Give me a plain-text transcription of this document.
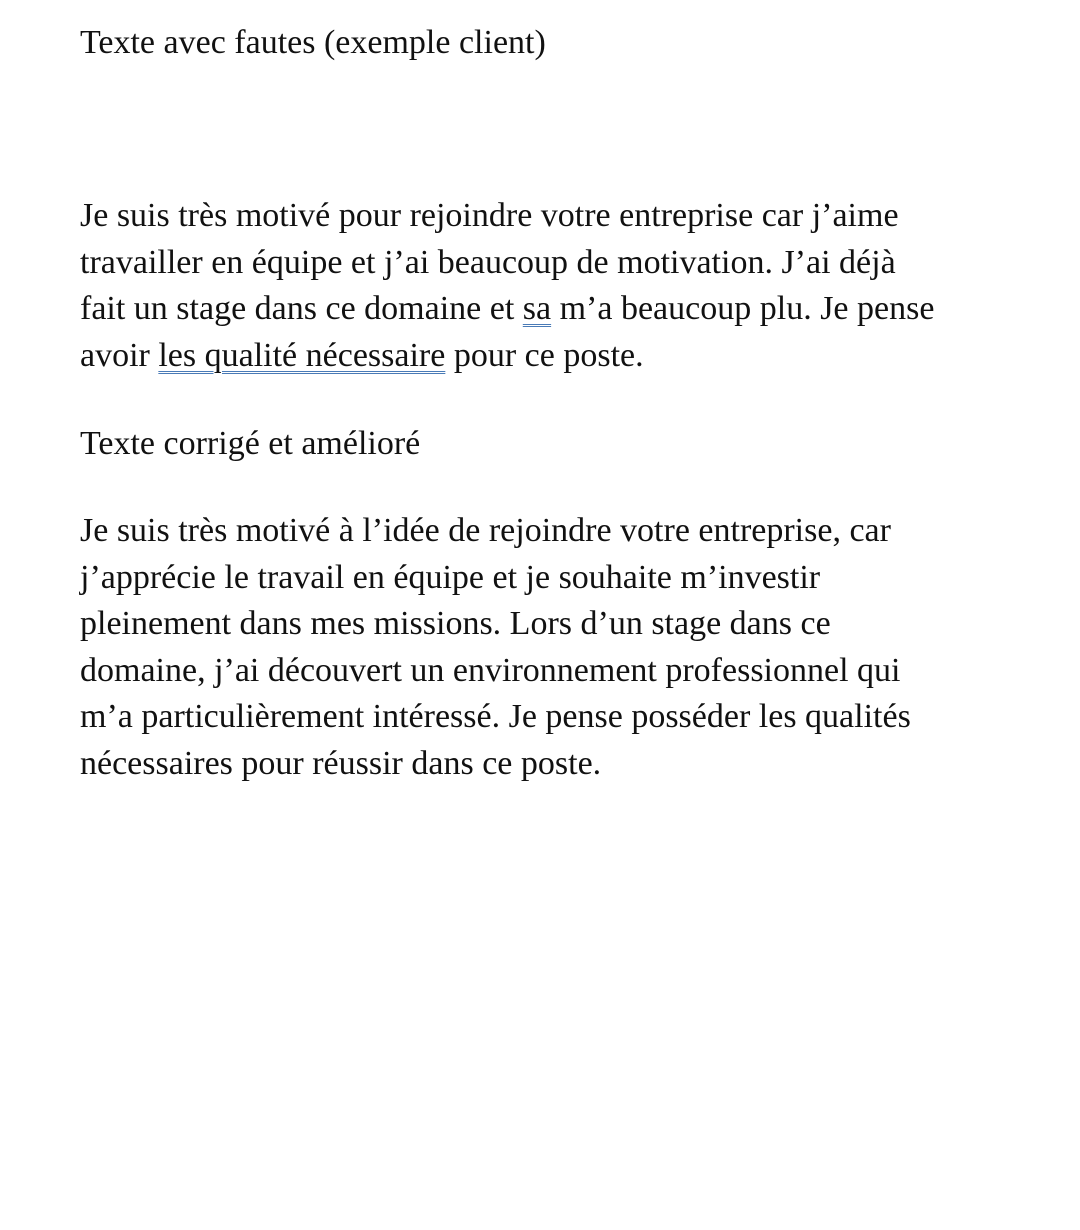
Texte avec fautes (exemple client)

Je suis très motivé pour rejoindre votre entreprise car j’aime
travailler en équipe et j’ai beaucoup de motivation. J’ai déjà
fait un stage dans ce domaine et sa m’a beaucoup plu. Je pense
avoir les qualité nécessaire pour ce poste.

Texte corrigé et amélioré

Je suis très motivé à l’idée de rejoindre votre entreprise, car
j’apprécie le travail en équipe et je souhaite m’investir
pleinement dans mes missions. Lors d’un stage dans ce
domaine, j’ai découvert un environnement professionnel qui
m’a particulièrement intéressé. Je pense posséder les qualités
nécessaires pour réussir dans ce poste.
